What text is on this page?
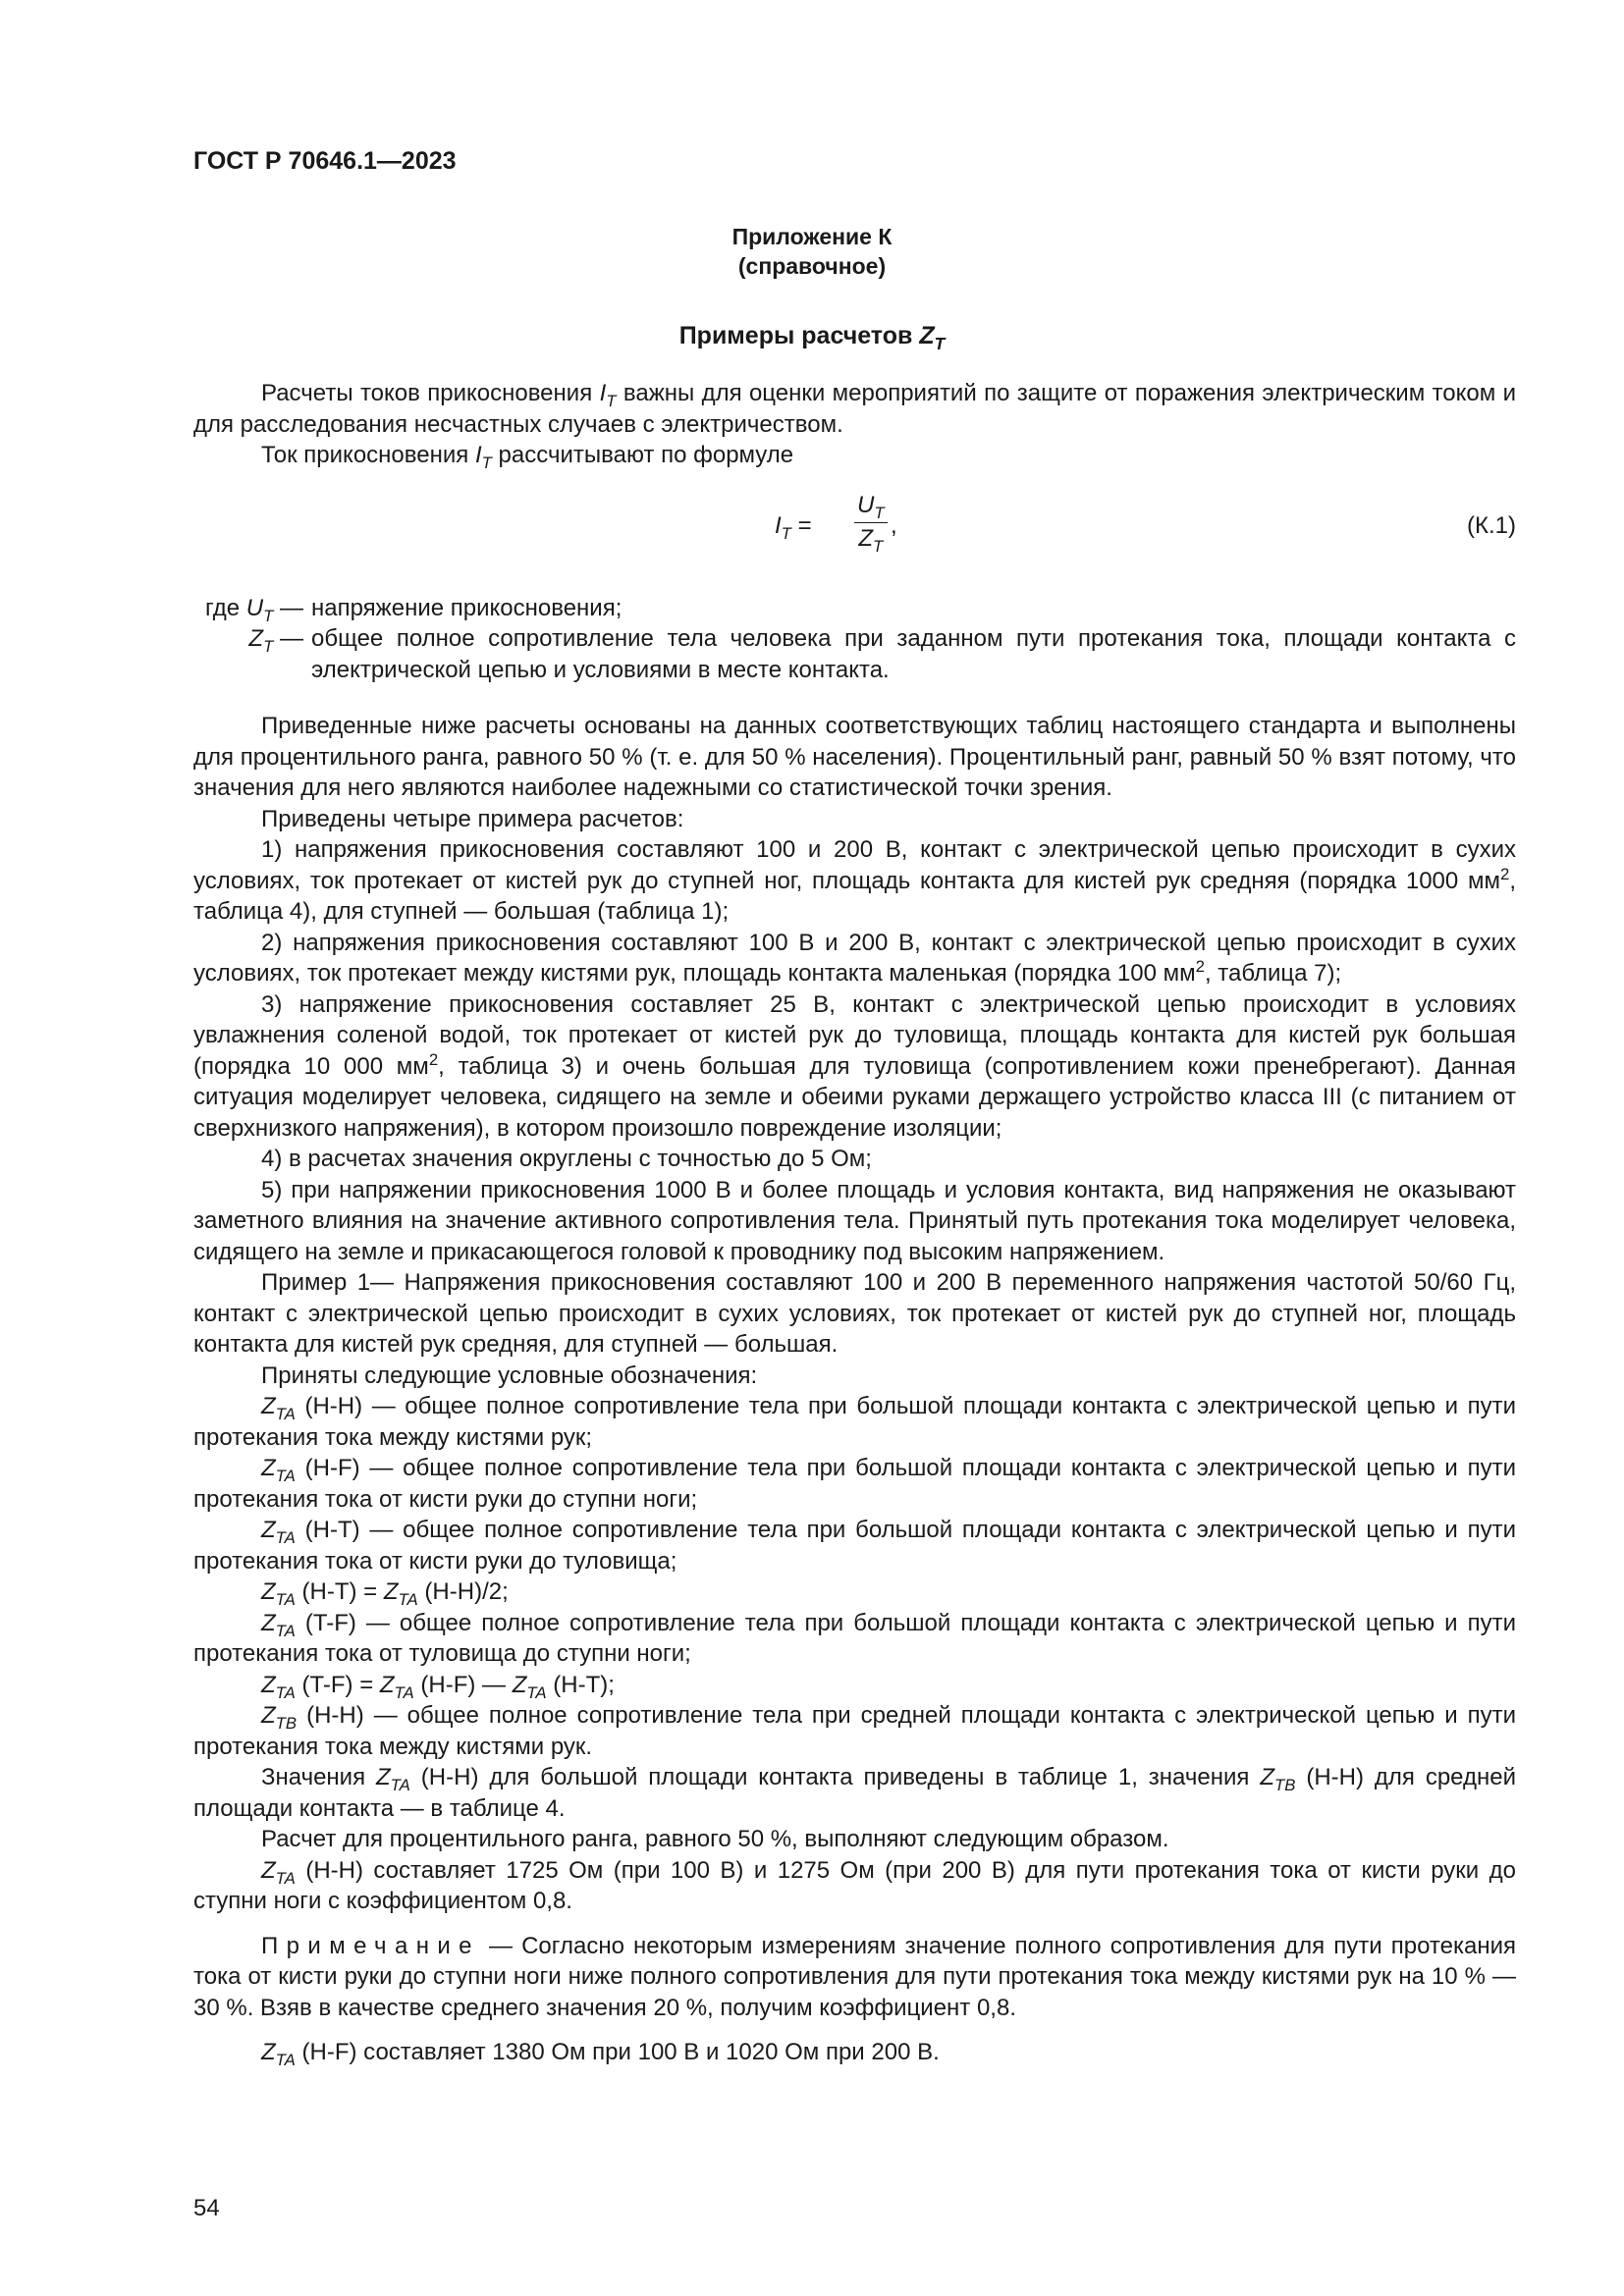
ГОСТ Р 70646.1—2023
Приложение К
(справочное)
Примеры расчетов $Z_T$

Расчеты токов прикосновения $I_T$ важны для оценки мероприятий по защите от поражения электрическим током и для расследования несчастных случаев с электричеством.

Ток прикосновения $I_T$ рассчитывают по формуле

$I_T = \frac{U_T}{Z_T}$ ,	(К.1)
где $U_T$ — напряжение прикосновения;
$Z_T$ — общее полное сопротивление тела человека при заданном пути протекания тока, площади контакта с электрической цепью и условиями в месте контакта.

Приведенные ниже расчеты основаны на данных соответствующих таблиц настоящего стандарта и выполнены для процентильного ранга, равного 50 % (т. е. для 50 % населения). Процентильный ранг, равный 50 % взят потому, что значения для него являются наиболее надежными со статистической точки зрения.

Приведены четыре примера расчетов:

1) напряжения прикосновения составляют 100 и 200 В, контакт с электрической цепью происходит в сухих условиях, ток протекает от кистей рук до ступней ног, площадь контакта для кистей рук средняя (порядка 1000 $мм^2$, таблица 4), для ступней — большая (таблица 1);

2) напряжения прикосновения составляют 100 В и 200 В, контакт с электрической цепью происходит в сухих условиях, ток протекает между кистями рук, площадь контакта маленькая (порядка 100 $мм^2$, таблица 7);

3) напряжение прикосновения составляет 25 В, контакт с электрической цепью происходит в условиях увлажнения соленой водой, ток протекает от кистей рук до туловища, площадь контакта для кистей рук большая (порядка 10 000 $мм^2$, таблица 3) и очень большая для туловища (сопротивлением кожи пренебрегают). Данная ситуация моделирует человека, сидящего на земле и обеими руками держащего устройство класса III (с питанием от сверхнизкого напряжения), в котором произошло повреждение изоляции;

4) в расчетах значения округлены с точностью до 5 Ом;

5) при напряжении прикосновения 1000 В и более площадь и условия контакта, вид напряжения не оказывают заметного влияния на значение активного сопротивления тела. Принятый путь протекания тока моделирует человека, сидящего на земле и прикасающегося головой к проводнику под высоким напряжением.

Пример 1— Напряжения прикосновения составляют 100 и 200 В переменного напряжения частотой 50/60 Гц, контакт с электрической цепью происходит в сухих условиях, ток протекает от кистей рук до ступней ног, площадь контакта для кистей рук средняя, для ступней — большая.

Приняты следующие условные обозначения:

$Z_{TA}$ (H-H) — общее полное сопротивление тела при большой площади контакта с электрической цепью и пути протекания тока между кистями рук;

$Z_{TA}$ (H-F) — общее полное сопротивление тела при большой площади контакта с электрической цепью и пути протекания тока от кисти руки до ступни ноги;

$Z_{TA}$ (H-T) — общее полное сопротивление тела при большой площади контакта с электрической цепью и пути протекания тока от кисти руки до туловища;

$Z_{TA}$ $(H-T) = Z_{TA}$ (H-H)/2;

$Z_{TA}$ (T-F) — общее полное сопротивление тела при большой площади контакта с электрической цепью и пути протекания тока от туловища до ступни ноги;

$Z_{TA}$ $(T-F) = Z_{TA}$ (H-F) — $Z_{TA}$ (H-T);

$Z_{TB}$ (H-H) — общее полное сопротивление тела при средней площади контакта с электрической цепью и пути протекания тока между кистями рук.

Значения $Z_{TA}$ (H-H) для большой площади контакта приведены в таблице 1, значения $Z_{TB}$ (H-H) для средней площади контакта — в таблице 4.

Расчет для процентильного ранга, равного 50 %, выполняют следующим образом.

$Z_{TA}$ (H-H) составляет 1725 Ом (при 100 В) и 1275 Ом (при 200 В) для пути протекания тока от кисти руки до ступни ноги с коэффициентом 0,8.

Примечание — Согласно некоторым измерениям значение полного сопротивления для пути протекания тока от кисти руки до ступни ноги ниже полного сопротивления для пути протекания тока между кистями рук на 10 % — 30 %. Взяв в качестве среднего значения 20 %, получим коэффициент 0,8.

$Z_{TA}$ (H-F) составляет 1380 Ом при 100 В и 1020 Ом при 200 В.

54
